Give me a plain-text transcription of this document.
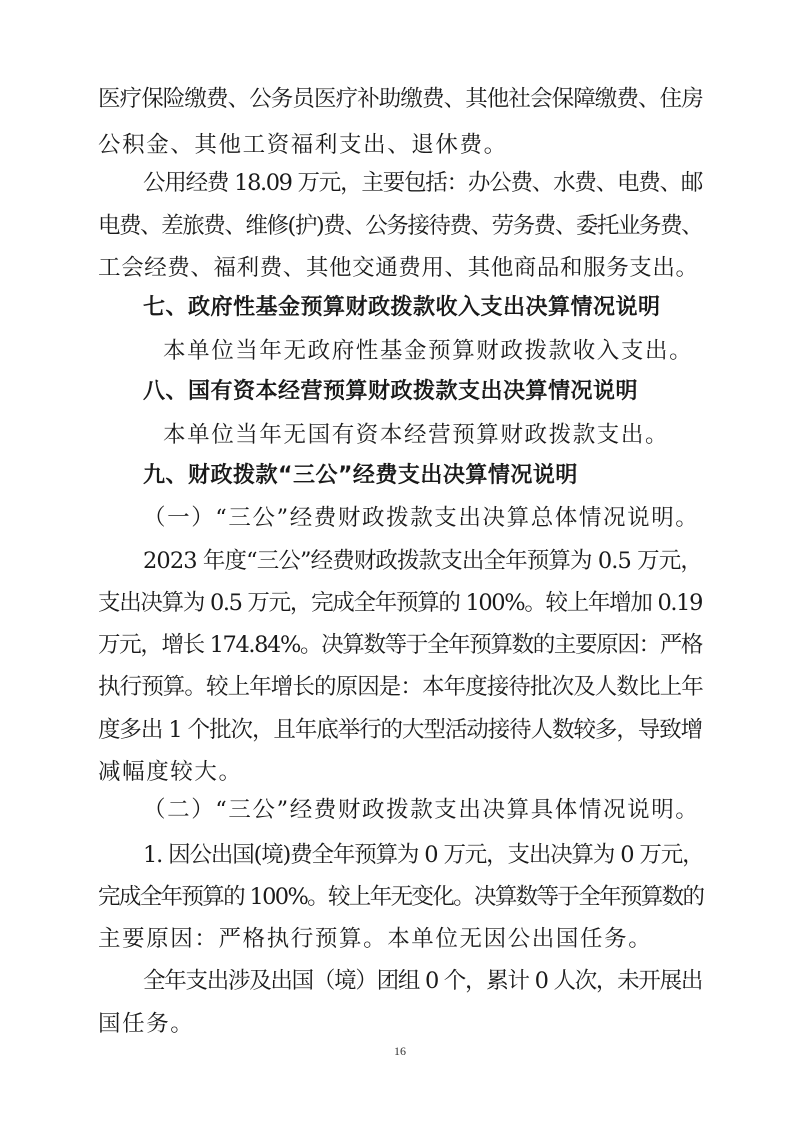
医疗保险缴费、公务员医疗补助缴费、其他社会保障缴费、住房
公积金、其他工资福利支出、退休费。
公用经费 18.09 万元，主要包括：办公费、水费、电费、邮
电费、差旅费、维修(护)费、公务接待费、劳务费、委托业务费、
工会经费、福利费、其他交通费用、其他商品和服务支出。
七、政府性基金预算财政拨款收入支出决算情况说明
本单位当年无政府性基金预算财政拨款收入支出。
八、国有资本经营预算财政拨款支出决算情况说明
本单位当年无国有资本经营预算财政拨款支出。
九、财政拨款“三公”经费支出决算情况说明
（一）“三公”经费财政拨款支出决算总体情况说明。
2023 年度“三公”经费财政拨款支出全年预算为 0.5 万元，
支出决算为 0.5 万元，完成全年预算的 100%。较上年增加 0.19
万元，增长 174.84%。决算数等于全年预算数的主要原因：严格
执行预算。较上年增长的原因是：本年度接待批次及人数比上年
度多出 1 个批次，且年底举行的大型活动接待人数较多，导致增
减幅度较大。
（二）“三公”经费财政拨款支出决算具体情况说明。
1. 因公出国(境)费全年预算为 0 万元，支出决算为 0 万元，
完成全年预算的 100%。较上年无变化。决算数等于全年预算数的
主要原因：严格执行预算。本单位无因公出国任务。
全年支出涉及出国（境）团组 0 个，累计 0 人次，未开展出
国任务。
16
